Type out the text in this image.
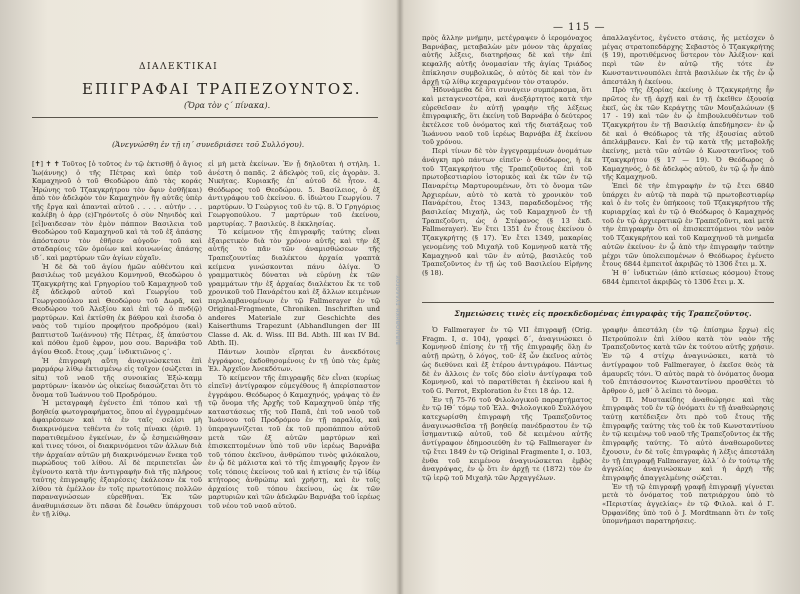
ΔΙΑΛΕΚΤΙΚΑΙ
ΕΠΙΓΡΑΦΑΙ ΤΡΑΠΕΖΟΥΝΤΟΣ.
(Ὅρα τὸν ς΄ πίνακα).
(Ἀνεγνώσθη ἐν τῇ ιη΄ συνεδριάσει τοῦ Συλλόγου).

[✝] ✝ ✝ Τοῦτος [ὁ τοῦτος ἐν τῷ ἐκτισθῇ ὁ ἅγιος Ἰω(άννης) ὁ τῆς Πέτρας καὶ ὑπὲρ τοῦ Καμαχηνοῦ ὁ τοῦ Θεοδώρου ἀπὸ τὰς κοράς Ἠρώνης τοῦ Τζακγκρήτρου τὸν ὄφιν ἐσθῆ(και) ἀπὸ τὸν ἀδελφὸν τὸν Καμαχηνὸν ἤγ αὐτᾶς ὑπὲρ τῆς ἔργα καὶ ἀπανταὶ αὐτοῦ . . . . . αὐτήν . . . καλέβη ὁ ἀρρ (ε)Γηρόντοῖς ὁ σὺν Νηνιδὸς καὶ [εἰ]ναιδεσαν τὸν ἐμὸν πάππον Βασιλεια τοῦ Θεοδώρου τοῦ Καμαχηνοῦ καὶ τὰ τοῦ ἐξ ἀπάσης ἀπόστασιν τὸν ἐθῆσεν αὐγοῦν· τοῦ καὶ σταδαρίοις τῶν ὁμοίων καὶ κοινωνίας ἀπάσης ιδ΄. καὶ μαρτύρων τῶν ἁγίων εὐχαῖν.

Ἡ δὲ δὰ τοῦ ἁγίου ἡμῶν αὐθέντου καὶ βασιλέως τοῦ μεγάλου Κομνηνοῦ, Θεοδώρου ὁ Τζακγκρήτης καὶ Γρηγορίου τοῦ Καμαχηνοῦ τοῦ ἐξ ἀδελφοῦ αὐτοῦ καὶ Γεωργίου τοῦ Γεωργοπούλου καὶ Θεοδώρου τοῦ Δωρᾶ, καὶ Θεοδώρου τοῦ Ἀλεξίου καὶ ἐπὶ τῷ ὁ πνδ(ῷ) μαρτύρων. Καὶ ἐκτίσθη ἐκ βάθρου καὶ ἐισοδα ὁ ναὸς τοῦ τιμίου προφήτου προδρόμου (καὶ) βαπτιστοῦ Ἰω(άννου) τῆς Πέτρας, ἐξ ἀπαύστου καὶ πόθου ἐμοῦ ἐφρον, μου σου. Βαρνάβα τοῦ ἁγίου Θεοδ. ἔτους ,ϛωμ΄ ἰνδικτιῶνος ϛ΄.

Ἡ ἐπιγραφὴ αὕτη ἀναγινώσκεται ἐπὶ μαρμάρῳ λίθῳ ἐκτισμένῳ εἰς τοῖχον (σώζεται in situ) τοῦ ναοῦ τῆς συνοικίας Ἐξώ-καμμ μαρτύρων· ἱκανὸν ὡς οἰκείως διασώζεται ὅτι τὸ ὄνομα τοῦ Ἰωάννου τοῦ Προδρόμου.

Ἡ μεταγραφὴ ἐγένετο ἐπὶ τόπου καὶ τῇ βοηθείᾳ φωτογραφήματος, ὅπου αἱ ἐγγραμμένων ἀφαιρέσεων καὶ τὰ ἐν ταῖς σελίσι μὴ διακρινόμενα τεθέντα ἐν τοῖς πίνακι (ἀριθ. 1) παρατιθεμένου ἐγκείνων, ἐν ᾧ ἐσημειώθησαν καὶ τινες τόνοι, οἱ διακρινόμενοι τῶν ἀλλων διὰ τὴν ἀρχαίαν αὐτῶν μὴ διακρινόμενων ἕνεκα τοῦ πωρώδους τοῦ λίθου. Αἱ δὲ περιπετεῖαι ὧν ἐγίνοντο κατὰ τὴν ἀντιγραφὴν διὰ τῆς πλήρους ταύτης ἐπιγραφῆς ἐξαιρέσεις ἐκάλεσαν ἐκ τοῦ λίθου τὰ ἐμέλλον ἐν τοῖς πρωτοτύποις πολλῶν παραναγνώσεων εὑρεθῆναι. Ἐκ τῶν ἀναθυμιάσεων ὅτι πᾶσαι δὲ ἔσωθεν ὑπάρχουσι ἐν τῇ λίθῳ.

εἰ μὴ μετὰ ἐκείνων. Ἐν ᾗ δηλοῦται ἡ στήλη. 1. ἀνέστη ὁ παπᾶς. 2 ἀδελφὸς τοῦ, εἰς ἀγορὰν. 3. Νικήτας. Κυριακῆς ἐπ΄ αὐτοῦ δὲ ἦτον. 4. Θεόδωρος τοῦ Θεοδώρου. 5. Βασίλειος, ὁ ἐξ ἀντιγράφου τοῦ ἐκείνου. 6. ἰδιώτου Γεωργίου. 7 μαρτύρων. Ὁ Γεώργιος τοῦ ἐν τῷ. 8. Ὁ Γρηγόριος Γεωργοπούλου. 7 μαρτύρων τοῦ ἐκείνου, μαρτυρίας. 7 βασιλεύς. 8 ἐκκλησίας.

Τὸ κείμενον τῆς ἐπιγραφῆς ταύτης εἶναι ἐξαιρετικὸν διὰ τὸν χρόνον αὐτῆς καὶ τὴν ἐξ αὐτῆς τὸ πᾶν τῶν ἀναμισθώσεων τῆς Τραπεζουντίας διαλέκτου ἀρχαία γραπτὰ κείμενα γινώσκονται πάνυ ὀλίγα. Ὁ γραμματικὸς δύναται νὰ εὐρύνῃ ἐκ τῶν γραμμάτων τὴν ἐξ ἀρχαίας διαλέκτου ἔκ τε τοῦ χρονικοῦ τοῦ Πανάρέτου καὶ ἐξ ἄλλων κειμένων περιλαμβανομένων ἐν τῷ Fallmerayer ἐν τῷ Original-Fragmente, Chroniken. Inschriften und anderes Materiale zur Geschichte des Kaiserthums Trapezunt (Abhandlungen der III Classe d. Ak. d. Wiss. III Bd. Abth. III και IV Bd. Abth. II).

Πάντων λοιπὸν εἴρηται ἐν ἀνεκδότοις ἐγγράφοις, ἐκδοθησομένοις ἐν τῇ ὑπὸ τὰς ἐμὰς Ἐλ. Ἀρχεῖον Ἀνεκδότων.

Τὸ κείμενον τῆς ἐπιγραφῆς δὲν εἶναι (κυρίως εἰπεῖν) ἀντίγραφον εὐμεγέθους ἢ ἀπερίσπαστον ἐγγράφου. Θεόδωρος ὁ Καμαχηνός, γράψας τὸ ἐν τῷ ὄνομα τῆς Ἀρχῆς τοῦ Καμαχηνοῦ ὑπὲρ τῆς καταστάσεως τῆς τοῦ Παπᾶ, ἐπὶ τοῦ ναοῦ τοῦ Ἰωάννου τοῦ Προδρόμου ἐν τῇ παραλίᾳ, καὶ ὑπεραγωνίζεται τοῦ ἐκ τοῦ προπάππου αὐτοῦ μετὰ τῶν ἐξ αὐτῶν μαρτύρων καὶ ἐπισκεπτομένων ὑπὸ τοῦ νῦν ἱερέως Βαρνάβα τοῦ τόπου ἐκεῖνου, ἀνθρώπου τινὸς φιλόκαλου, ἐν ᾧ δὲ μάλιστα καὶ τὸ τῆς ἐπιγραφῆς ἔργον ἐν τοῖς τόποις ἐκείνοις τοῦ καὶ ἡ κτίσις ἐν τῷ ἰδίῳ κτήτορος ἀνθρώπῳ καὶ χρήστῃ, καὶ ἐν τοῖς ἀρχαίοις τοῦ τόπου ἐκείνου, ὡς ἐκ τῶν μαρτυριῶν καὶ τῶν ἀδελφῶν Βαρνάβα τοῦ ἱερέως τοῦ νέου τοῦ ναοῦ αὐτοῦ.

ΒΙΒΛΙΟΘΗΚΗ ΣΥΛΛΟΓΟΥ
— 115 —

πρὸς ἄλλην μνήμην, μετέγραψεν ὁ ἱερομόναχος Βαρνάβας, μεταβαλὼν μὲν μόνον τὰς ἀρχαίας αὐτῆς λέξεις, διατηρήσας δὲ καὶ τὴν ἐπὶ κεφαλῆς αὐτῆς ὀνομασίαν τῆς ἁγίας Τριάδος ἐπίκλησιν συμβολικῶς, ὁ αὐτὸς δὲ καὶ τὸν ἐν ἀρχῇ τῷ λίθῳ κεχαραγμένον τὸν σταυρόν.

Ἠδυνάμεθα δὲ ὅτι συνάγειν συμπέρασμα, ὅτι καὶ μεταγενεστέρα, καὶ ἀνεξάρτητος κατὰ τὴν εὑρεθεῖσαν ἐν αὐτῇ γραφὴν τῆς λέξεως ἐπιγραφικῆς, ὅτι ἐκείνη τοῦ Βαρνάβα ὁ δεύτερος ἐκτέλεσε τοῦ ὀνόματος καὶ τῆς διατάξεως τοῦ Ἰωάννου ναοῦ τοῦ ἱερέως Βαρνάβα ἐξ ἐκείνου τοῦ χρόνου.

Περὶ τίνων δὲ τὸν ἐγγεγραμμένων ὀνομάτων ἀνάγκη πρὸ πάντων εἰπεῖν· ὁ Θεόδωρος, ἡ ἐκ τοῦ Τζακγκρήτου τῆς Τραπεζοῦντος ἐπὶ τοῦ πρωτοβεστιαρίου ἱστορικὸς καὶ ἐκ τῶν ἐν τῷ Παναρέτῳ Μαρτυρουμένων, ὅτι τὸ ὄνομα τῶν Ἀρχιερέων, αὐτὸ τὸ κατὰ τὸ χρονικὸν τοῦ Πανάρέτου, ἔτος 1343, παραδεδομένος τῆς βασιλείας Μιχαὴλ, ὡς τοῦ Καμαχηνοῦ ἐν τῇ Τραπεζοῦντι, ὡς ὁ Στέφανος (§ 13 ἐκδ. Fallmerayer). Ἐν ἔτει 1351 ἐν ἔτους ἐκείνου ὁ Τζακγκρήτης (§ 17). Ἐν ἔτει 1349, μακαρίας γενομένης τοῦ Μιχαὴλ τοῦ Κομνηνοῦ κατὰ τῆς Καμαχηνοῦ καὶ τῶν ἐν αὐτῷ, βασιλεύς τοῦ Τραπεζοῦντος ἐν τῇ ὡς τοῦ Βασιλείου Εἰρήνης (§ 18).

ἀπαλλαγέντος, ἐγένετο στάσις, ἧς μετέσχεν ὁ μέγας στρατοπεδάρχης Σεβαστὸς ὁ Τζακγκρήτης (§ 19), προτιθέμενος ὕστερον τὸν Ἀλέξιον· καὶ περὶ τῶν ἐν αὐτῷ τῆς τότε ἐν Κωνσταντινουπόλει ἑπτὰ βασιλέων ἐκ τῆς ἐν ᾧ ἀπεστάλη ἡ ἐκείνου.

Πρὸ τῆς ἐξορίας ἐκείνης ὁ Τζακγκρήτης ἦν πρῶτος ἐν τῇ ἀρχῇ καὶ ἐν τῇ ἐκεῖθεν ἐξουσίᾳ ἐκεῖ, ὡς ἐκ τῶν Κεράγτης τῶν Μουζαλώνων (§ 17 - 19) καὶ τῶν ἐν ᾧ ἐπιβουλευθέντων τοῦ Τζακγκρήτου ἐν τῇ Βασιλείᾳ ἀπεδήμησεν· ἐν ᾧ δὲ καὶ ὁ Θεόδωρος τὰ τῆς ἐξουσίας αὐτοῦ ἀπελάμβανεν. Καὶ ἐν τῷ κατὰ τῆς μεταβολῆς ἐκείνης, μετὰ τῶν αὐτῶν ὁ Κωνσταντῖνος τοῦ Τζακγκρήτου (§ 17 — 19). Ὁ Θεόδωρος ὁ Καμαχηνός, ὁ δὲ ἀδελφὸς αὐτοῦ, ἐν τῷ ᾧ ἦν ἀπὸ τῆς Καμαχηνοῦ.

Ἐπεὶ δὲ τὴν ἐπιγραφὴν ἐν τῷ ἔτει 6840 ὑπάρχει ἐν αὐτῷ τὰ παρὰ τῷ πρωτοβεστιαρίῳ καὶ ὁ ἐν τοῖς ἐν ὑπήκοοις τοῦ Τζακγκρήτου τῆς κυριαρχίας καὶ ἐν τῷ ὁ Θεόδωρος ὁ Καμαχηνός τοῦ ἐν τῷ ἀρχιερατικῷ ἐν Τραπεζοῦντι, καὶ μετὰ τὴν ἐπιγραφὴν ὅτι οἱ ἐπισκεπτόμενοι τὸν ναὸν τοῦ Τζακγκρήτου καὶ τοῦ Καμαχηνοῦ τὰ μνημεῖα αὐτῶν ἐκείνου· ἐν ᾧ ἀπὸ τὴν ἐπιγραφὴν ταύτην μέχρι τῶν ὑπολειπομένων ὁ Θεόδωρος ἐγένετο ἔτους 6844 ἐμπειτοῖ ἀκριβῶς τὸ 1306 ἔτει μ. Χ.

Ἡ θ΄ ἰνδικτιὼν (ἀπὸ κτίσεως κόσμου) ἔτους 6844 ἐμπειτοῖ ἀκριβῶς τὸ 1306 ἔτει μ. Χ.

Σημειώσεις τινὲς εἰς προεκδεδομένας ἐπιγραφὰς τῆς Τραπεζοῦντος.

Ὁ Fallmerayer ἐν τῷ VII ἐπιγραφῇ (Orig. Fragm. I, σ. 104), γραφεὶ δ΄, ἀναγινώσκει ὁ Κομνηνοῦ ἐπίσης ἐν τῇ τῆς ἐπιγραφῆς ὅλῃ ἐν αὐτῇ πρώτῃ, ὁ λόγος, τοῦ· ἐξ ὧν ἐκεῖνος αὐτὸς ὡς διεθύνει καὶ ἐξ ἑτέρου ἀντιγράφου. Πάντως δὲ ἐν ἄλλοις ἐν τοῖς δύο εἰσὶν ἀντίγραφα τοῦ Κομνηνοῦ, καὶ τὸ παρατίθεται ἡ ἐκείνου καὶ ἡ τοῦ G. Perrot, Exploration ἐν ἔτει 18 ἀρ. 12.

Ἐν τῇ 75-76 τοῦ Φιλολογικοῦ παραρτήματος ἐν τῷ ΙΘ΄ τόμῳ τοῦ Ἑλλ. Φιλολογικοῦ Συλλόγου κατεχωρίσθη ἐπιγραφὴ τῆς Τραπεζοῦντος ἀναγινωσθεῖσα τῇ βοηθείᾳ πανέδραστου ἐν τῷ ἰσημαντικῷ αὐτοῦ, τοῦ δὲ κειμένου αὐτῆς ἀντίγραφον ἐδημοσιεύθη ἐν τῷ Fallmerayer ἐν τῷ ἔτει 1849 ἐν τῷ Original Fragmente I, σ. 103, ἐνθα τοῦ κειμένου ἀναγινώσκεται ἐμβὸς ἀναγράψας, ἐν ᾧ ὅτι ἐν ἀρχῇ τε (1872) τὸν ἐν τῷ ἱερῷ τοῦ Μιχαὴλ τῶν Ἀρχαγγέλων.

γραφὴν ἀπεστάλη (ἐν τῷ ἐπίσημω ἔρχω) εἰς Πετρούπολιν ἐπὶ λίθου κατὰ τὸν ναὸν τῆς Τραπεζοῦντος κατὰ τῶν ἐκ τούτου αὐτῆς χρήσιν. Ἐν τῷ 4 στίχῳ ἀναγινώσκει, κατὰ τὸ ἀντίγραφον τοῦ Fallmerayer, ὁ ἐκεῖσε θεὸς τὰ ἀμαυρεῖς τόνι. Ὁ αὐτὸς παρὰ τὸ ὀνόματος ὄνομα τοῦ ἐπιτάσσοντος Κωνσταντίνου προσθέτει τὸ ἄρθρον ὁ, μεθ΄ ὃ λείπει τὸ ὄνομα.

Ὁ Π. Μυστακίδης ἀναθεώρησε καὶ τὰς ἐπιγραφὰς τοῦ ἐν τῷ ὀνόματι ἐν τῇ ἀναθεώρησις ταύτῃ κατέδειξεν ὅτι πρὸ τοῦ ἔτους τῆς ἐπιγραφῆς ταύτης τὰς τοῦ ἐκ τοῦ Κωνσταντίνου ἐν τῷ κειμένῳ τοῦ ναοῦ τῆς Τραπεζοῦντος ἐκ τῆς ἐπιγραφῆς ταύτης. Τὸ αὐτὸ ἀναθεωροῦντες ἔχουσιν, ἐν δὲ τοῖς ἐπιγραφὰς ἡ λέξις ἀπεστάλη ἐν τῇ ἐπιγραφῇ Fallmerayer, ἀλλ΄ ὁ ἐν τούτῳ τῆς ἀγγελίας ἀναγινώσκων καὶ ἡ ἀρχὴ τῆς ἐπιγραφῆς ἀπαγγελμένης σώζεται.

Ἐν τῇ τῷ ἐπιγραφῇ γραφῇ ἐπιγραφῇ γίγνεται μετὰ τὸ ὀνόματος τοῦ πατριάρχου ὑπὸ τὸ «Περιστίας ἀγγελίας» ἐν τῷ Φιλολ. καὶ ὁ Γ. Ὀρφανίδης ὑπὸ τοῦ ὁ J. Mordtmann ὅτι ἐν τοῖς ὑπομνήμασι παρατηρήσεις.
